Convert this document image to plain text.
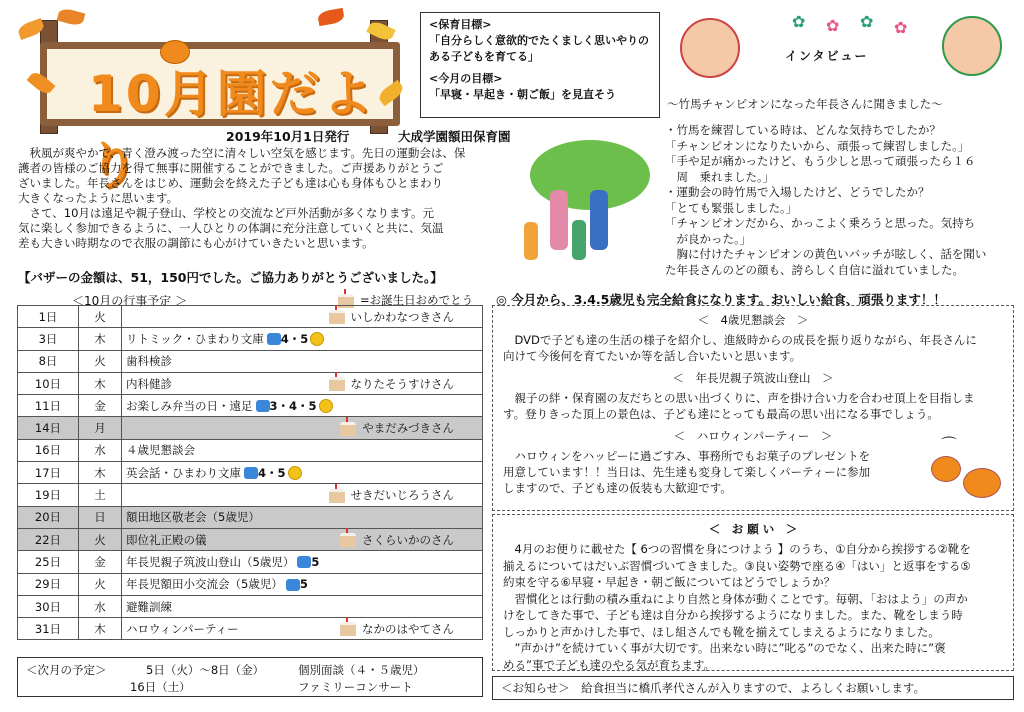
10月園だより
<保育目標>
「自分らしく意欲的でたくましく思いやりのある子どもを育てる」
<今月の目標>
「早寝・早起き・朝ご飯」を見直そう
2019年10月1日発行	大成学園額田保育園
　秋風が爽やかで、青く澄み渡った空に清々しい空気を感じます。先日の運動会は、保
護者の皆様のご協力を得て無事に開催することができました。ご声援ありがとうご
ざいました。年長さんをはじめ、運動会を終えた子ども達は心も身体もひとまわり
大きくなったように思います。
　さて、10月は遠足や親子登山、学校との交流など戸外活動が多くなります。元
気に楽しく参加できるように、一人ひとりの体調に充分注意していくと共に、気温
差も大きい時期なので衣服の調節にも心がけていきたいと思います。
【バザーの金額は、51，150円でした。ご協力ありがとうございました。】
✿ ✿ ✿ ✿
インタビュー
～竹馬チャンピオンになった年長さんに聞きました～
・竹馬を練習している時は、どんな気持ちでしたか？
「チャンピオンになりたいから、頑張って練習しました。」
「手や足が痛かったけど、もう少しと思って頑張ったら１６
　周　乗れました。」
・運動会の時竹馬で入場したけど、どうでしたか？
「とても緊張しました。」
「チャンピオンだから、かっこよく乗ろうと思った。気持ち
　が良かった。」
　胸に付けたチャンピオンの黄色いバッチが眩しく、話を聞い
た年長さんのどの顔も、誇らしく自信に溢れていました。
＜10月の行事予定 ＞	=お誕生日おめでとう
1日	火	いしかわなつきさん

3日	木	リトミック・ひまわり文庫 4・5

8日	火	歯科検診

10日	木	内科健診 なりたそうすけさん

11日	金	お楽しみ弁当の日・遠足 3・4・5

14日	月	やまだみづきさん

16日	水	４歳児懇談会

17日	木	英会話・ひまわり文庫 4・5

19日	土	せきだいじろうさん

20日	日	額田地区敬老会（5歳児）

22日	火	即位礼正殿の儀 さくらいかのさん

25日	金	年長児親子筑波山登山（5歳児） 5

29日	火	年長児額田小交流会（5歳児） 5

30日	水	避難訓練

31日	木	ハロウィンパーティー なかのはやてさん
＜次月の予定＞	5日（火）～8日（金）	個別面談（４・５歳児）
16日（土）	ファミリーコンサート
◎ 今月から、3.4.5歳児も完全給食になります。おいしい給食、頑張ります！！
＜　4歳児懇談会　＞
　DVDで子ども達の生活の様子を紹介し、進級時からの成長を振り返りながら、年長さんに
向けて今後何を育てたいか等を話し合いたいと思います。
＜　年長児親子筑波山登山　＞
　親子の絆・保育園の友だちとの思い出づくりに、声を掛け合い力を合わせ頂上を目指しま
す。登りきった頂上の景色は、子ども達にとっても最高の思い出になる事でしょう。
＜　ハロウィンパーティー　＞
　ハロウィンをハッピーに過ごすみ、事務所でもお菓子のプレゼントを
用意しています！！当日は、先生達も変身して楽しくパーティーに参加
しますので、子ども達の仮装も大歓迎です。
⌒
＜　お 願 い　＞
　4月のお便りに載せた【 6つの習慣を身につけよう 】のうち、①自分から挨拶する②靴を
揃えるについてはだいぶ習慣づいてきました。③良い姿勢で座る④「はい」と返事をする⑤
約束を守る⑥早寝・早起き・朝ご飯についてはどうでしょうか？
　習慣化とは行動の積み重ねにより自然と身体が動くことです。毎朝、「おはよう」の声か
けをしてきた事で、子ども達は自分から挨拶するようになりました。また、靴をしまう時
しっかりと声かけした事で、ほし組さんでも靴を揃えてしまえるようになりました。
　”声かけ”を続けていく事が大切です。出来ない時に”叱る”のでなく、出来た時に”褒
める”事で子ども達のやる気が育ちます。
＜お知らせ＞　給食担当に橋爪孝代さんが入りますので、よろしくお願いします。
